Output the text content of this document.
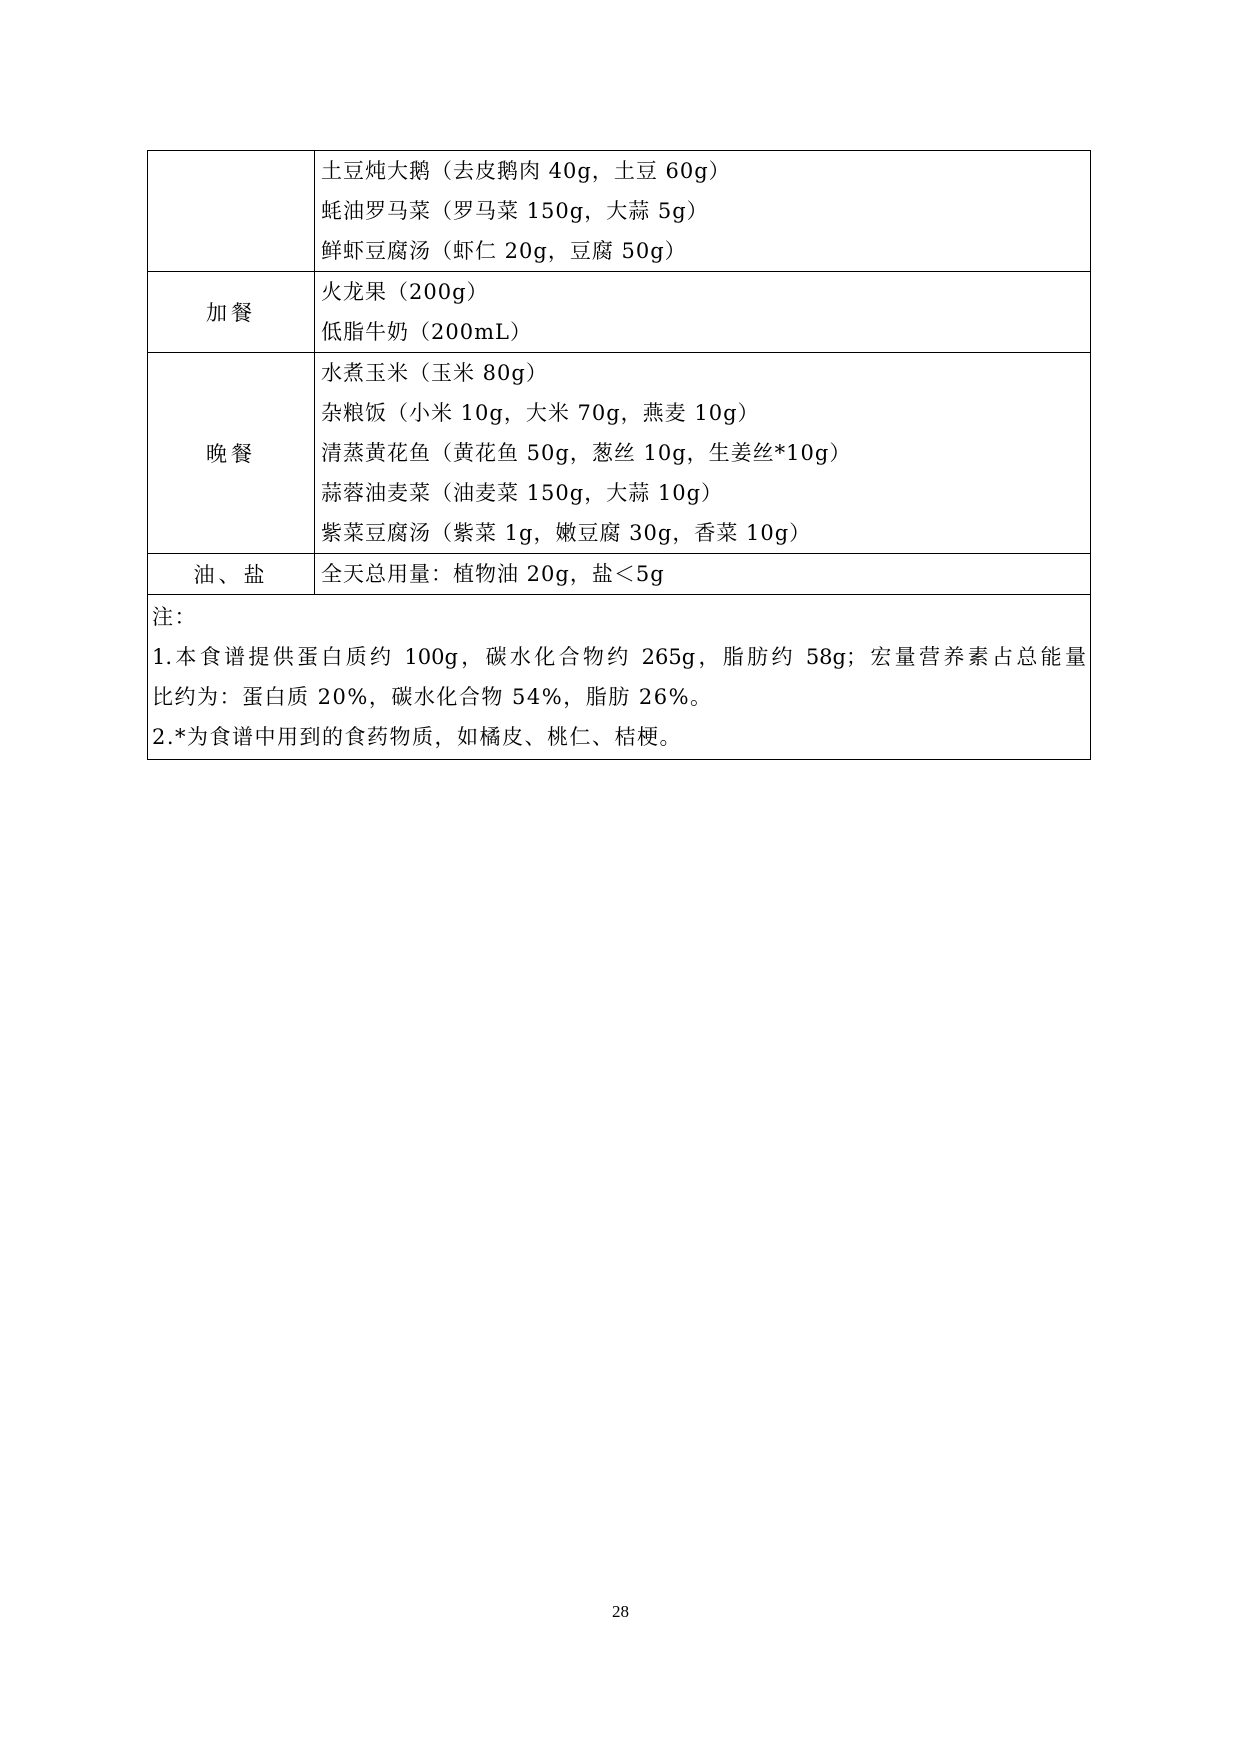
	土豆炖大鹅（去皮鹅肉 40g，土豆 60g）
蚝油罗马菜（罗马菜 150g，大蒜 5g）
鲜虾豆腐汤（虾仁 20g，豆腐 50g）

加餐	火龙果（200g）
低脂牛奶（200mL）

晚餐	水煮玉米（玉米 80g）
杂粮饭（小米 10g，大米 70g，燕麦 10g）
清蒸黄花鱼（黄花鱼 50g，葱丝 10g，生姜丝*10g）
蒜蓉油麦菜（油麦菜 150g，大蒜 10g）
紫菜豆腐汤（紫菜 1g，嫩豆腐 30g，香菜 10g）

油、盐	全天总用量：植物油 20g，盐＜5g

注：
1.本食谱提供蛋白质约 100g，碳水化合物约 265g，脂肪约 58g；宏量营养素占总能量
比约为：蛋白质 20%，碳水化合物 54%，脂肪 26%。
2.*为食谱中用到的食药物质，如橘皮、桃仁、桔梗。	
28
